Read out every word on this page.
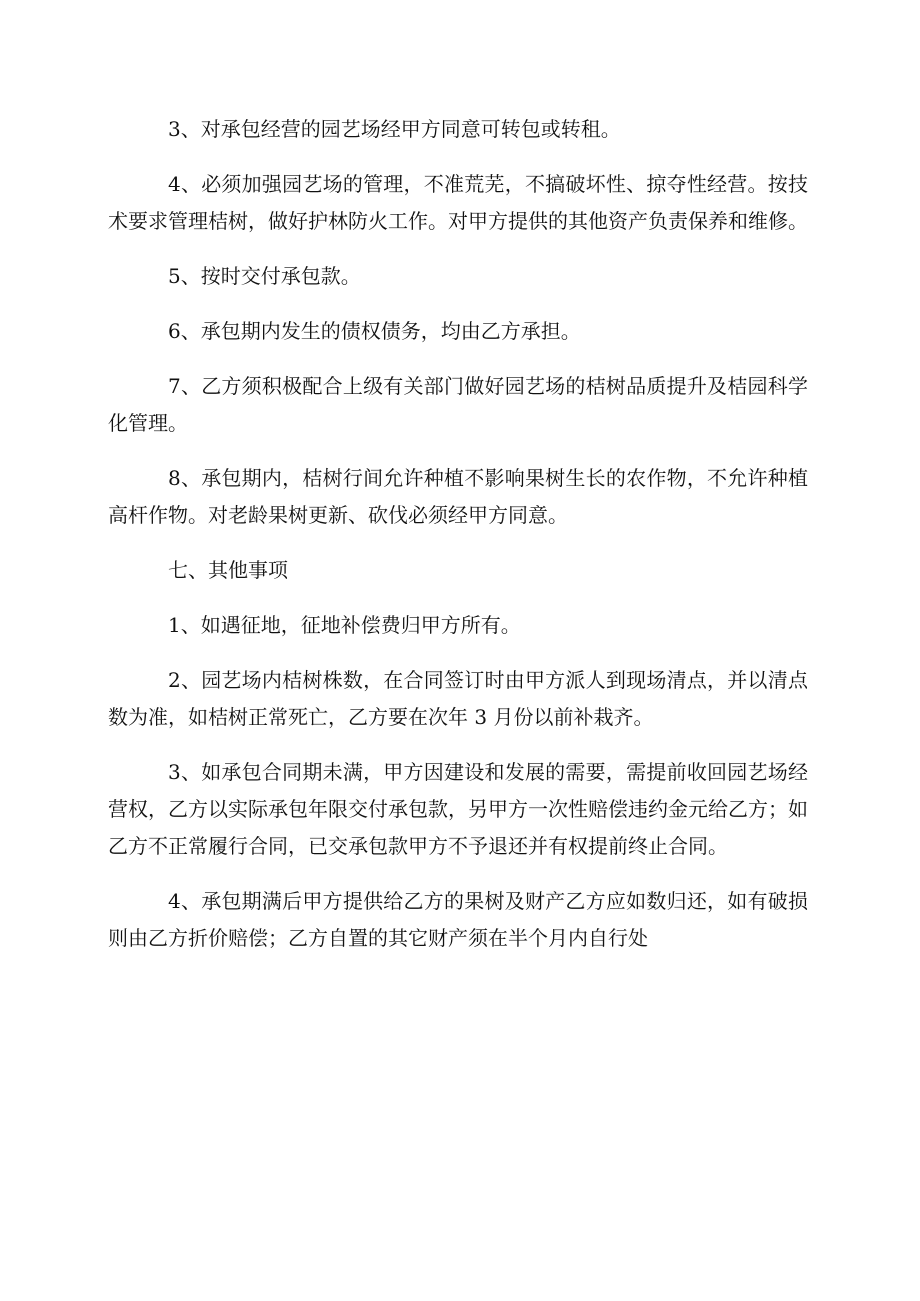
3、对承包经营的园艺场经甲方同意可转包或转租。

4、必须加强园艺场的管理，不准荒芜，不搞破坏性、掠夺性经营。按技术要求管理桔树，做好护林防火工作。对甲方提供的其他资产负责保养和维修。

5、按时交付承包款。

6、承包期内发生的债权债务，均由乙方承担。

7、乙方须积极配合上级有关部门做好园艺场的桔树品质提升及桔园科学化管理。

8、承包期内，桔树行间允许种植不影响果树生长的农作物，不允许种植高杆作物。对老龄果树更新、砍伐必须经甲方同意。

七、其他事项

1、如遇征地，征地补偿费归甲方所有。

2、园艺场内桔树株数，在合同签订时由甲方派人到现场清点，并以清点数为准，如桔树正常死亡，乙方要在次年 3 月份以前补栽齐。

3、如承包合同期未满，甲方因建设和发展的需要，需提前收回园艺场经营权，乙方以实际承包年限交付承包款，另甲方一次性赔偿违约金元给乙方；如乙方不正常履行合同，已交承包款甲方不予退还并有权提前终止合同。

4、承包期满后甲方提供给乙方的果树及财产乙方应如数归还，如有破损则由乙方折价赔偿；乙方自置的其它财产须在半个月内自行处
